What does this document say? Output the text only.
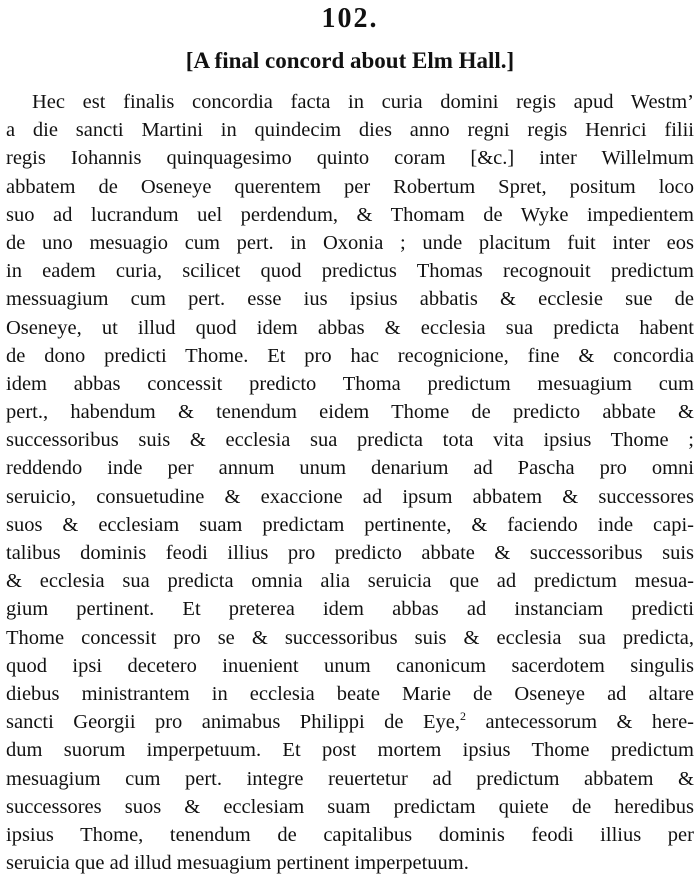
102.
[A final concord about Elm Hall.]
Hec est finalis concordia facta in curia domini regis apud Westm’
a die sancti Martini in quindecim dies anno regni regis Henrici filii
regis Iohannis quinquagesimo quinto coram [&c.] inter Willelmum
abbatem de Oseneye querentem per Robertum Spret, positum loco
suo ad lucrandum uel perdendum, & Thomam de Wyke impedientem
de uno mesuagio cum pert. in Oxonia ; unde placitum fuit inter eos
in eadem curia, scilicet quod predictus Thomas recognouit predictum
messuagium cum pert. esse ius ipsius abbatis & ecclesie sue de
Oseneye, ut illud quod idem abbas & ecclesia sua predicta habent
de dono predicti Thome. Et pro hac recognicione, fine & concordia
idem abbas concessit predicto Thoma predictum mesuagium cum
pert., habendum & tenendum eidem Thome de predicto abbate &
successoribus suis & ecclesia sua predicta tota vita ipsius Thome ;
reddendo inde per annum unum denarium ad Pascha pro omni
seruicio, consuetudine & exaccione ad ipsum abbatem & successores
suos & ecclesiam suam predictam pertinente, & faciendo inde capi-
talibus dominis feodi illius pro predicto abbate & successoribus suis
& ecclesia sua predicta omnia alia seruicia que ad predictum mesua-
gium pertinent. Et preterea idem abbas ad instanciam predicti
Thome concessit pro se & successoribus suis & ecclesia sua predicta,
quod ipsi decetero inuenient unum canonicum sacerdotem singulis
diebus ministrantem in ecclesia beate Marie de Oseneye ad altare
sancti Georgii pro animabus Philippi de Eye,$^2$ antecessorum & here-
dum suorum imperpetuum. Et post mortem ipsius Thome predictum
mesuagium cum pert. integre reuertetur ad predictum abbatem &
successores suos & ecclesiam suam predictam quiete de heredibus
ipsius Thome, tenendum de capitalibus dominis feodi illius per
seruicia que ad illud mesuagium pertinent imperpetuum.
